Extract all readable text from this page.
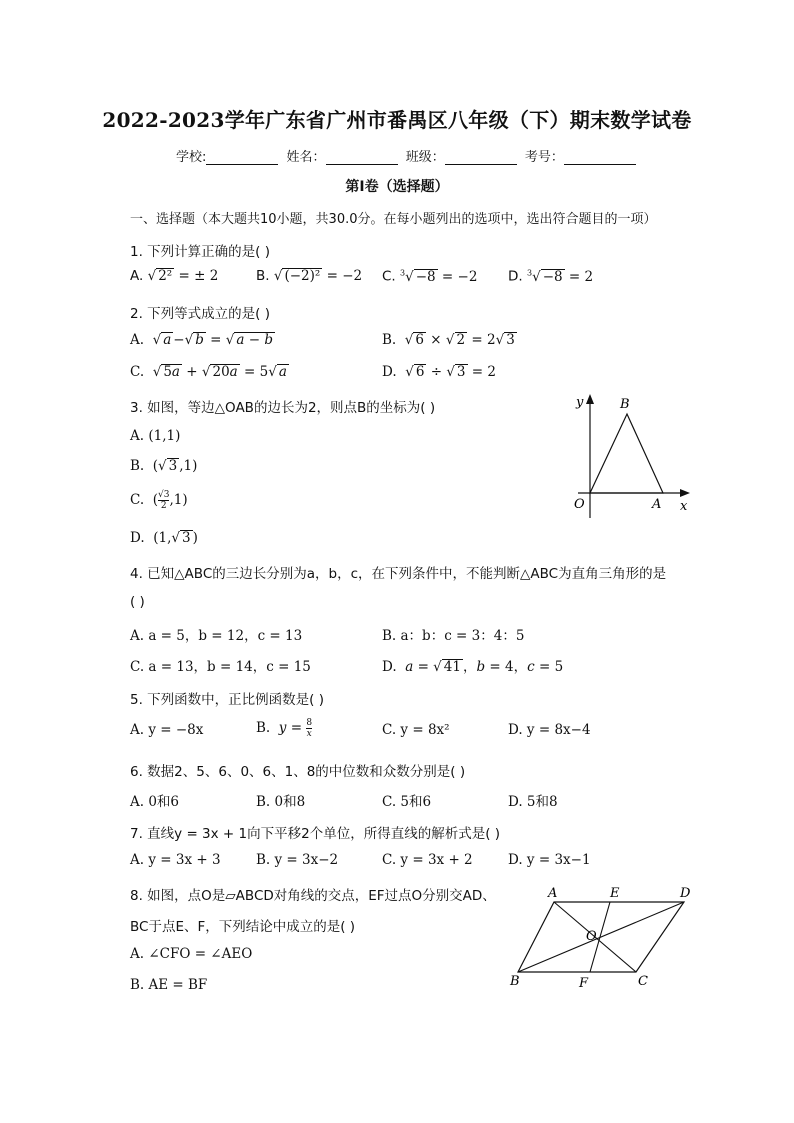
2022-2023学年广东省广州市番禺区八年级（下）期末数学试卷
学校:	姓名：	班级：	考号：
第I卷（选择题）
一、选择题（本大题共10小题，共30.0分。在每小题列出的选项中，选出符合题目的一项）
1. 下列计算正确的是( )
A. √ 2² = ± 2	B. √ (−2)² = −2 C. $^3$√ −8 = −2 D. $^3$√ −8 = 2
2. 下列等式成立的是( )
A.  √ a −√ b = √ a − b	B.  √ 6 × √ 2 = 2√ 3
C.  √ 5a + √ 20a = 5√ a	D.  √ 6 ÷ √ 3 = 2
3. 如图，等边△OAB的边长为2，则点B的坐标为( )
A. (1,1)
B.  (√ 3 ,1)
C.  ( $\frac{√3}{2} ,1$)
D.  (1,√ 3 )
y
x
O	A
B
4. 已知△ABC的三边长分别为a，b，c，在下列条件中，不能判断△ABC为直角三角形的是
( )
A. a = 5，b = 12，c = 13	B. a：b：c = 3：4：5
C. a = 13，b = 14，c = 15	D.  a = √ 41 ，b = 4，c = 5
5. 下列函数中，正比例函数是( )
A. y = −8x	B.  $y = \frac{8}{x}$	C. y = 8x²	D. y = 8x−4
6. 数据2、5、6、0、6、1、8的中位数和众数分别是( )
A. 0和6	B. 0和8	C. 5和6	D. 5和8
7. 直线y = 3x + 1向下平移2个单位，所得直线的解析式是( )
A. y = 3x + 3	B. y = 3x−2	C. y = 3x + 2	D. y = 3x−1
8. 如图，点O是▱ABCD对角线的交点，EF过点O分别交AD、
BC于点E、F，下列结论中成立的是( )
A. ∠CFO = ∠AEO
B. AE = BF
A	E	D
O
B	F	C
